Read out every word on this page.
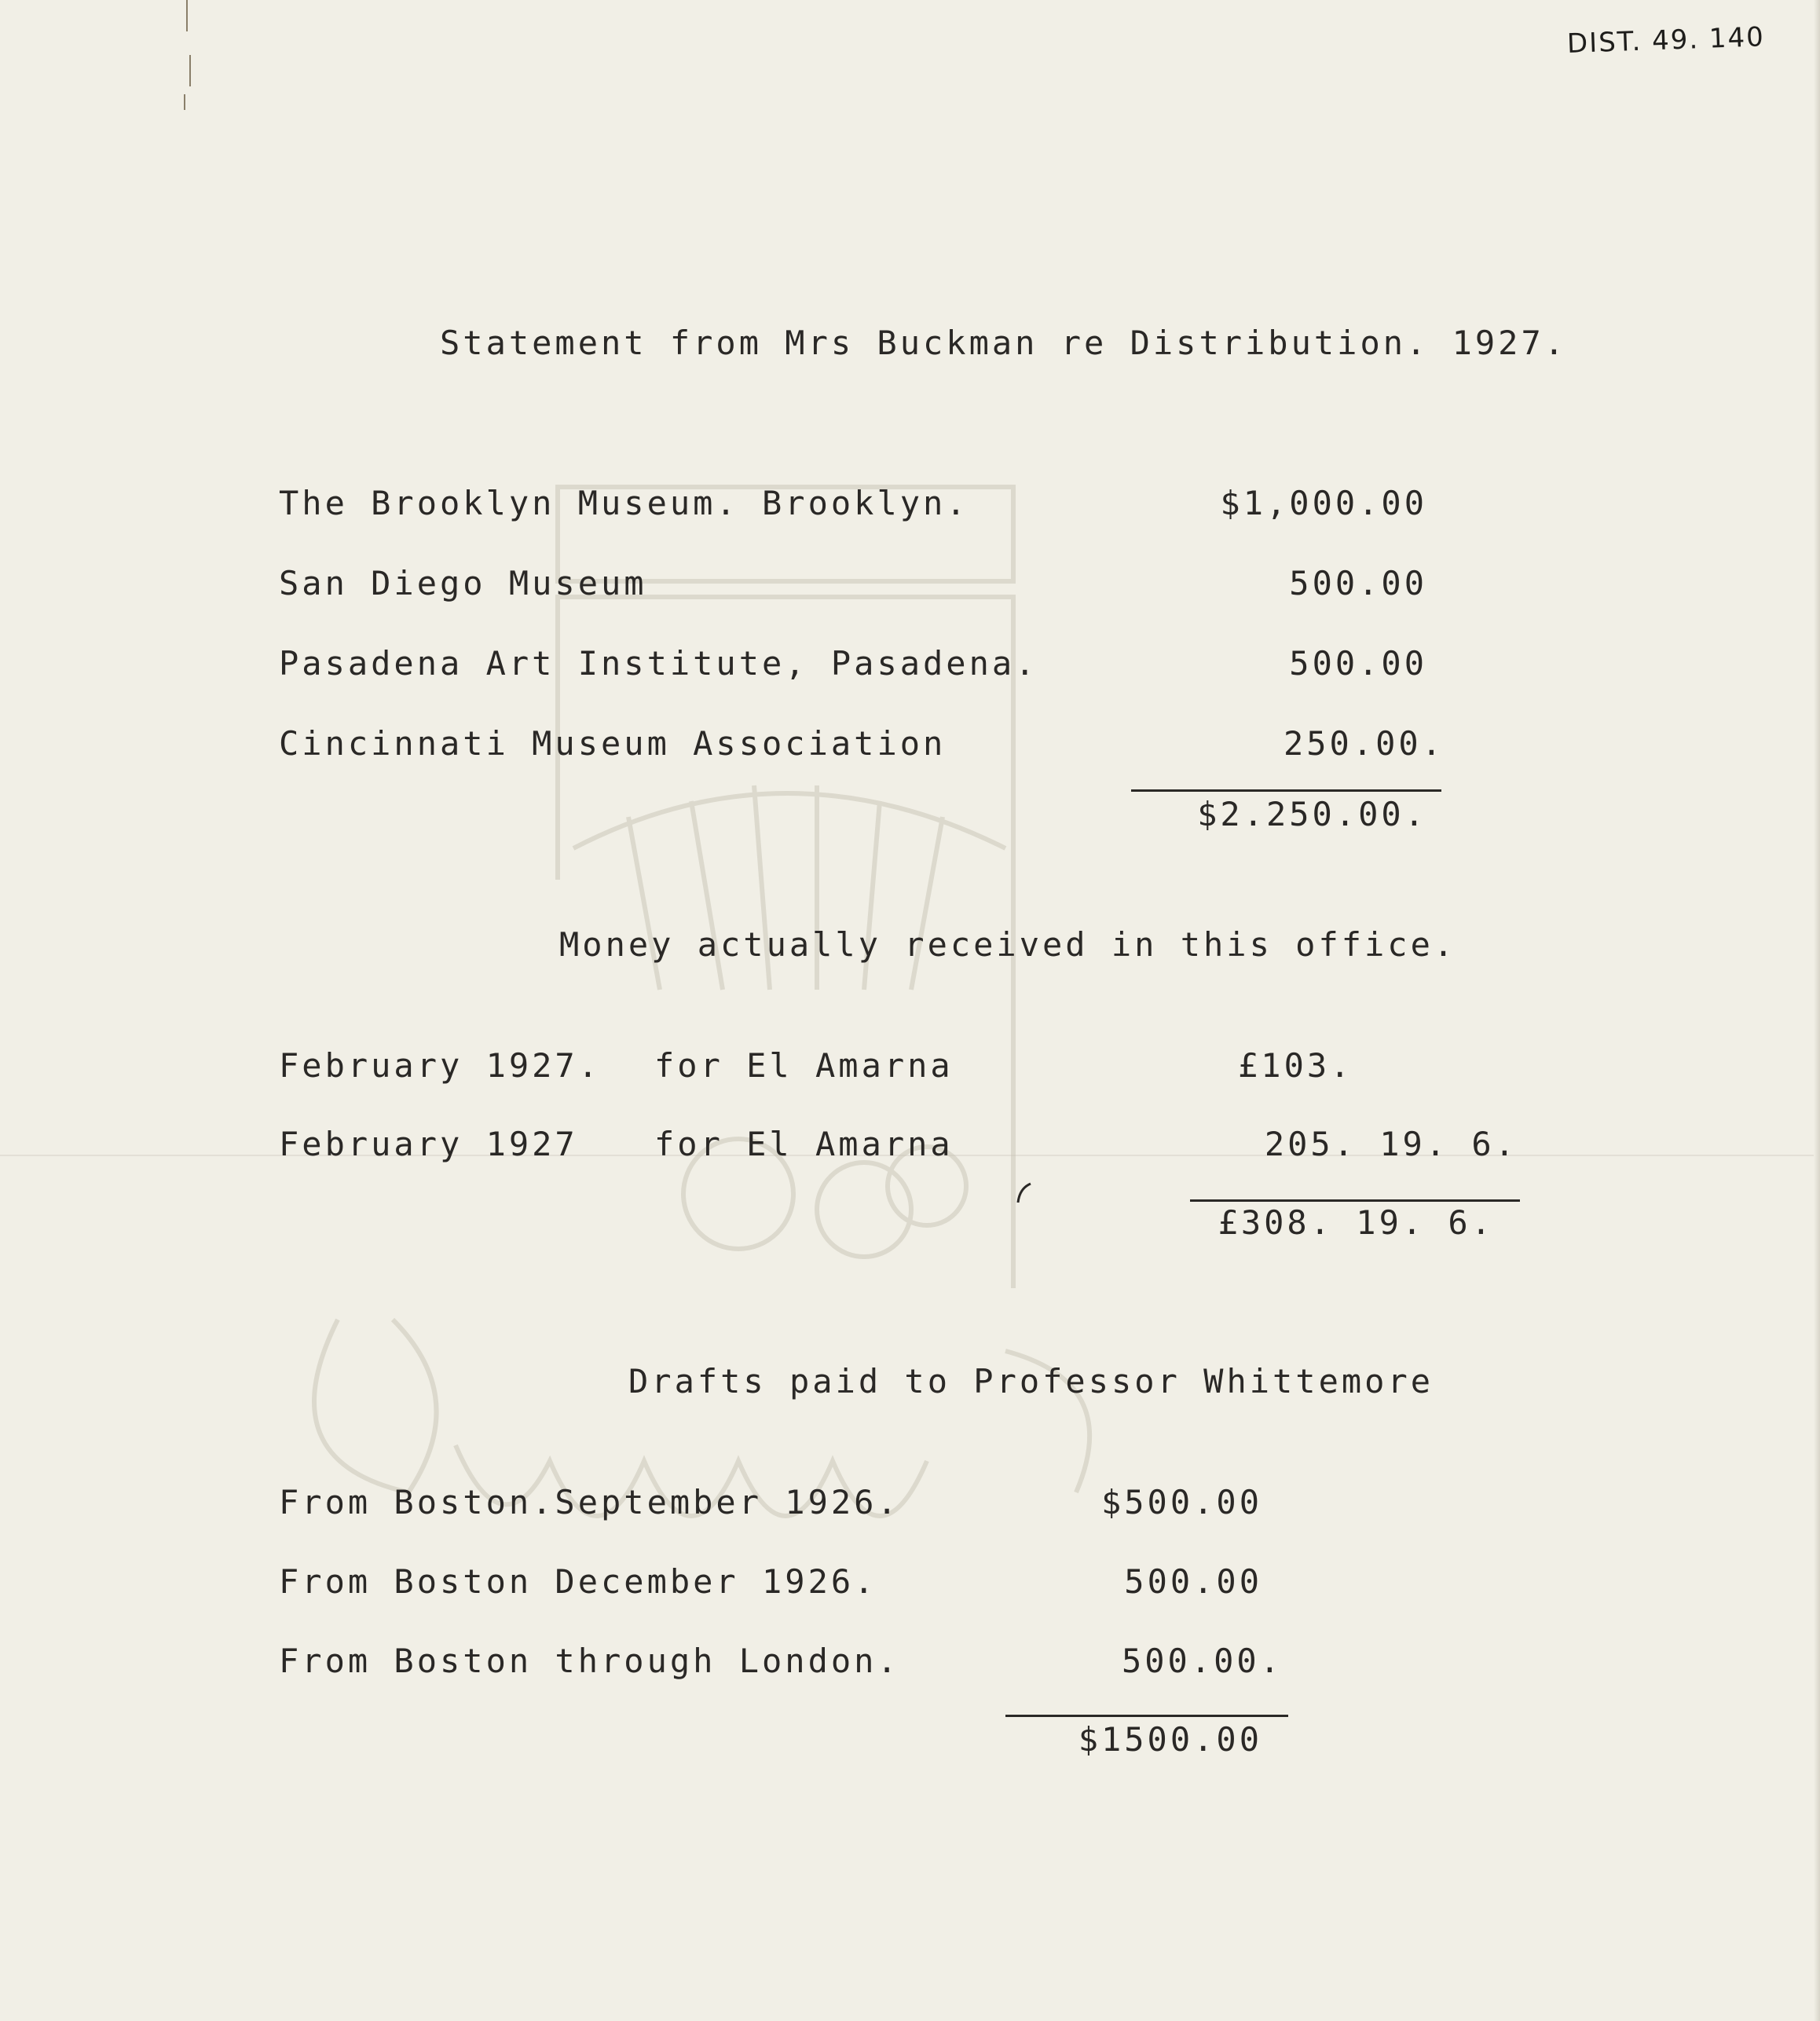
DIST. 49. 140
Statement from Mrs Buckman re Distribution. 1927.
The Brooklyn Museum. Brooklyn.	$1,000.00
San Diego Museum	500.00
Pasadena Art Institute, Pasadena.	500.00
Cincinnati Museum Association	250.00.
$2.250.00.
Money actually received in this office.
February 1927. for El Amarna	£103.
February 1927 for El Amarna	205. 19. 6.
£308. 19. 6.
Drafts paid to Professor Whittemore
From Boston.September 1926.	$500.00
From Boston December 1926.	500.00
From Boston through London.	500.00.
$1500.00
